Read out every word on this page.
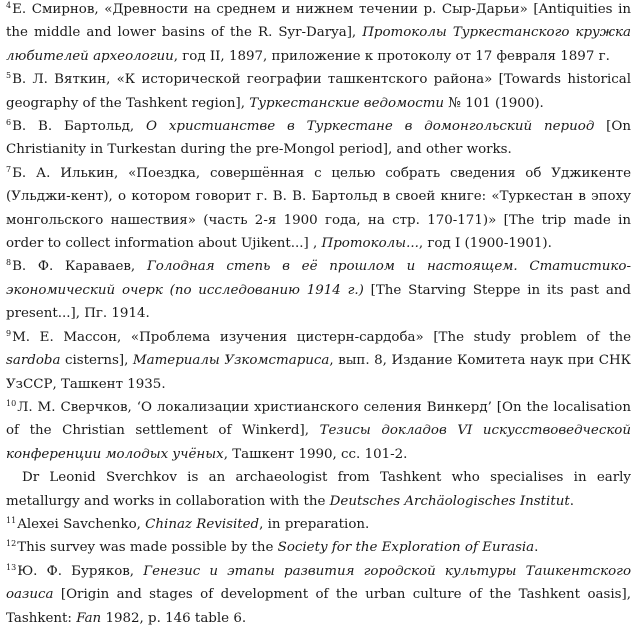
$^4$Е. Смирнов, «Древности на среднем и нижнем течении р. Сыр-Дарьи» [Antiquities in the middle and lower basins of the R. Syr-Darya], Протоколы Туркестанского кружка любителей археологии, год II, 1897, приложение к протоколу от 17 февраля 1897 г.

$^5$В. Л. Вяткин, «К исторической географии ташкентского района» [Towards historical geography of the Tashkent region], Туркестанские ведомости № 101 (1900).

$^6$В. В. Бартольд, О христианстве в Туркестане в домонгольский период [On Christianity in Turkestan during the pre-Mongol period], and other works.

$^7$Б. А. Илькин, «Поездка, совершённая с целью собрать сведения об Уджикенте (Ульджи-кент), о котором говорит г. В. В. Бартольд в своей книге: «Туркестан в эпоху монгольского нашествия» (часть 2-я 1900 года, на стр. 170-171)» [The trip made in order to collect information about Ujikent...] , Протоколы..., год I (1900-1901).

$^8$В. Ф. Караваев, Голодная степь в её прошлом и настоящем. Статистико-экономический очерк (по исследованию 1914 г.) [The Starving Steppe in its past and present...], Пг. 1914.

$^9$М. Е. Массон, «Проблема изучения цистерн-сардоба» [The study problem of the sardoba cisterns], Материалы Узкомстариса, вып. 8, Издание Комитета наук при СНК УзССР, Ташкент 1935.

$^{10}$Л. М. Сверчков, ‘О локализации христианского селения Винкерд’ [On the localisation of the Christian settlement of Winkerd], Тезисы докладов VI искусствоведческой конференции молодых учёных, Ташкент 1990, сс. 101-2.

Dr Leonid Sverchkov is an archaeologist from Tashkent who specialises in early metallurgy and works in collaboration with the Deutsches Archäologisches Institut.

$^{11}$Alexei Savchenko, Chinaz Revisited, in preparation.

$^{12}$This survey was made possible by the Society for the Exploration of Eurasia.

$^{13}$Ю. Ф. Буряков, Генезис и этапы развития городской культуры Ташкентского оазиса [Origin and stages of development of the urban culture of the Tashkent oasis], Tashkent: Fan 1982, p. 146 table 6.
